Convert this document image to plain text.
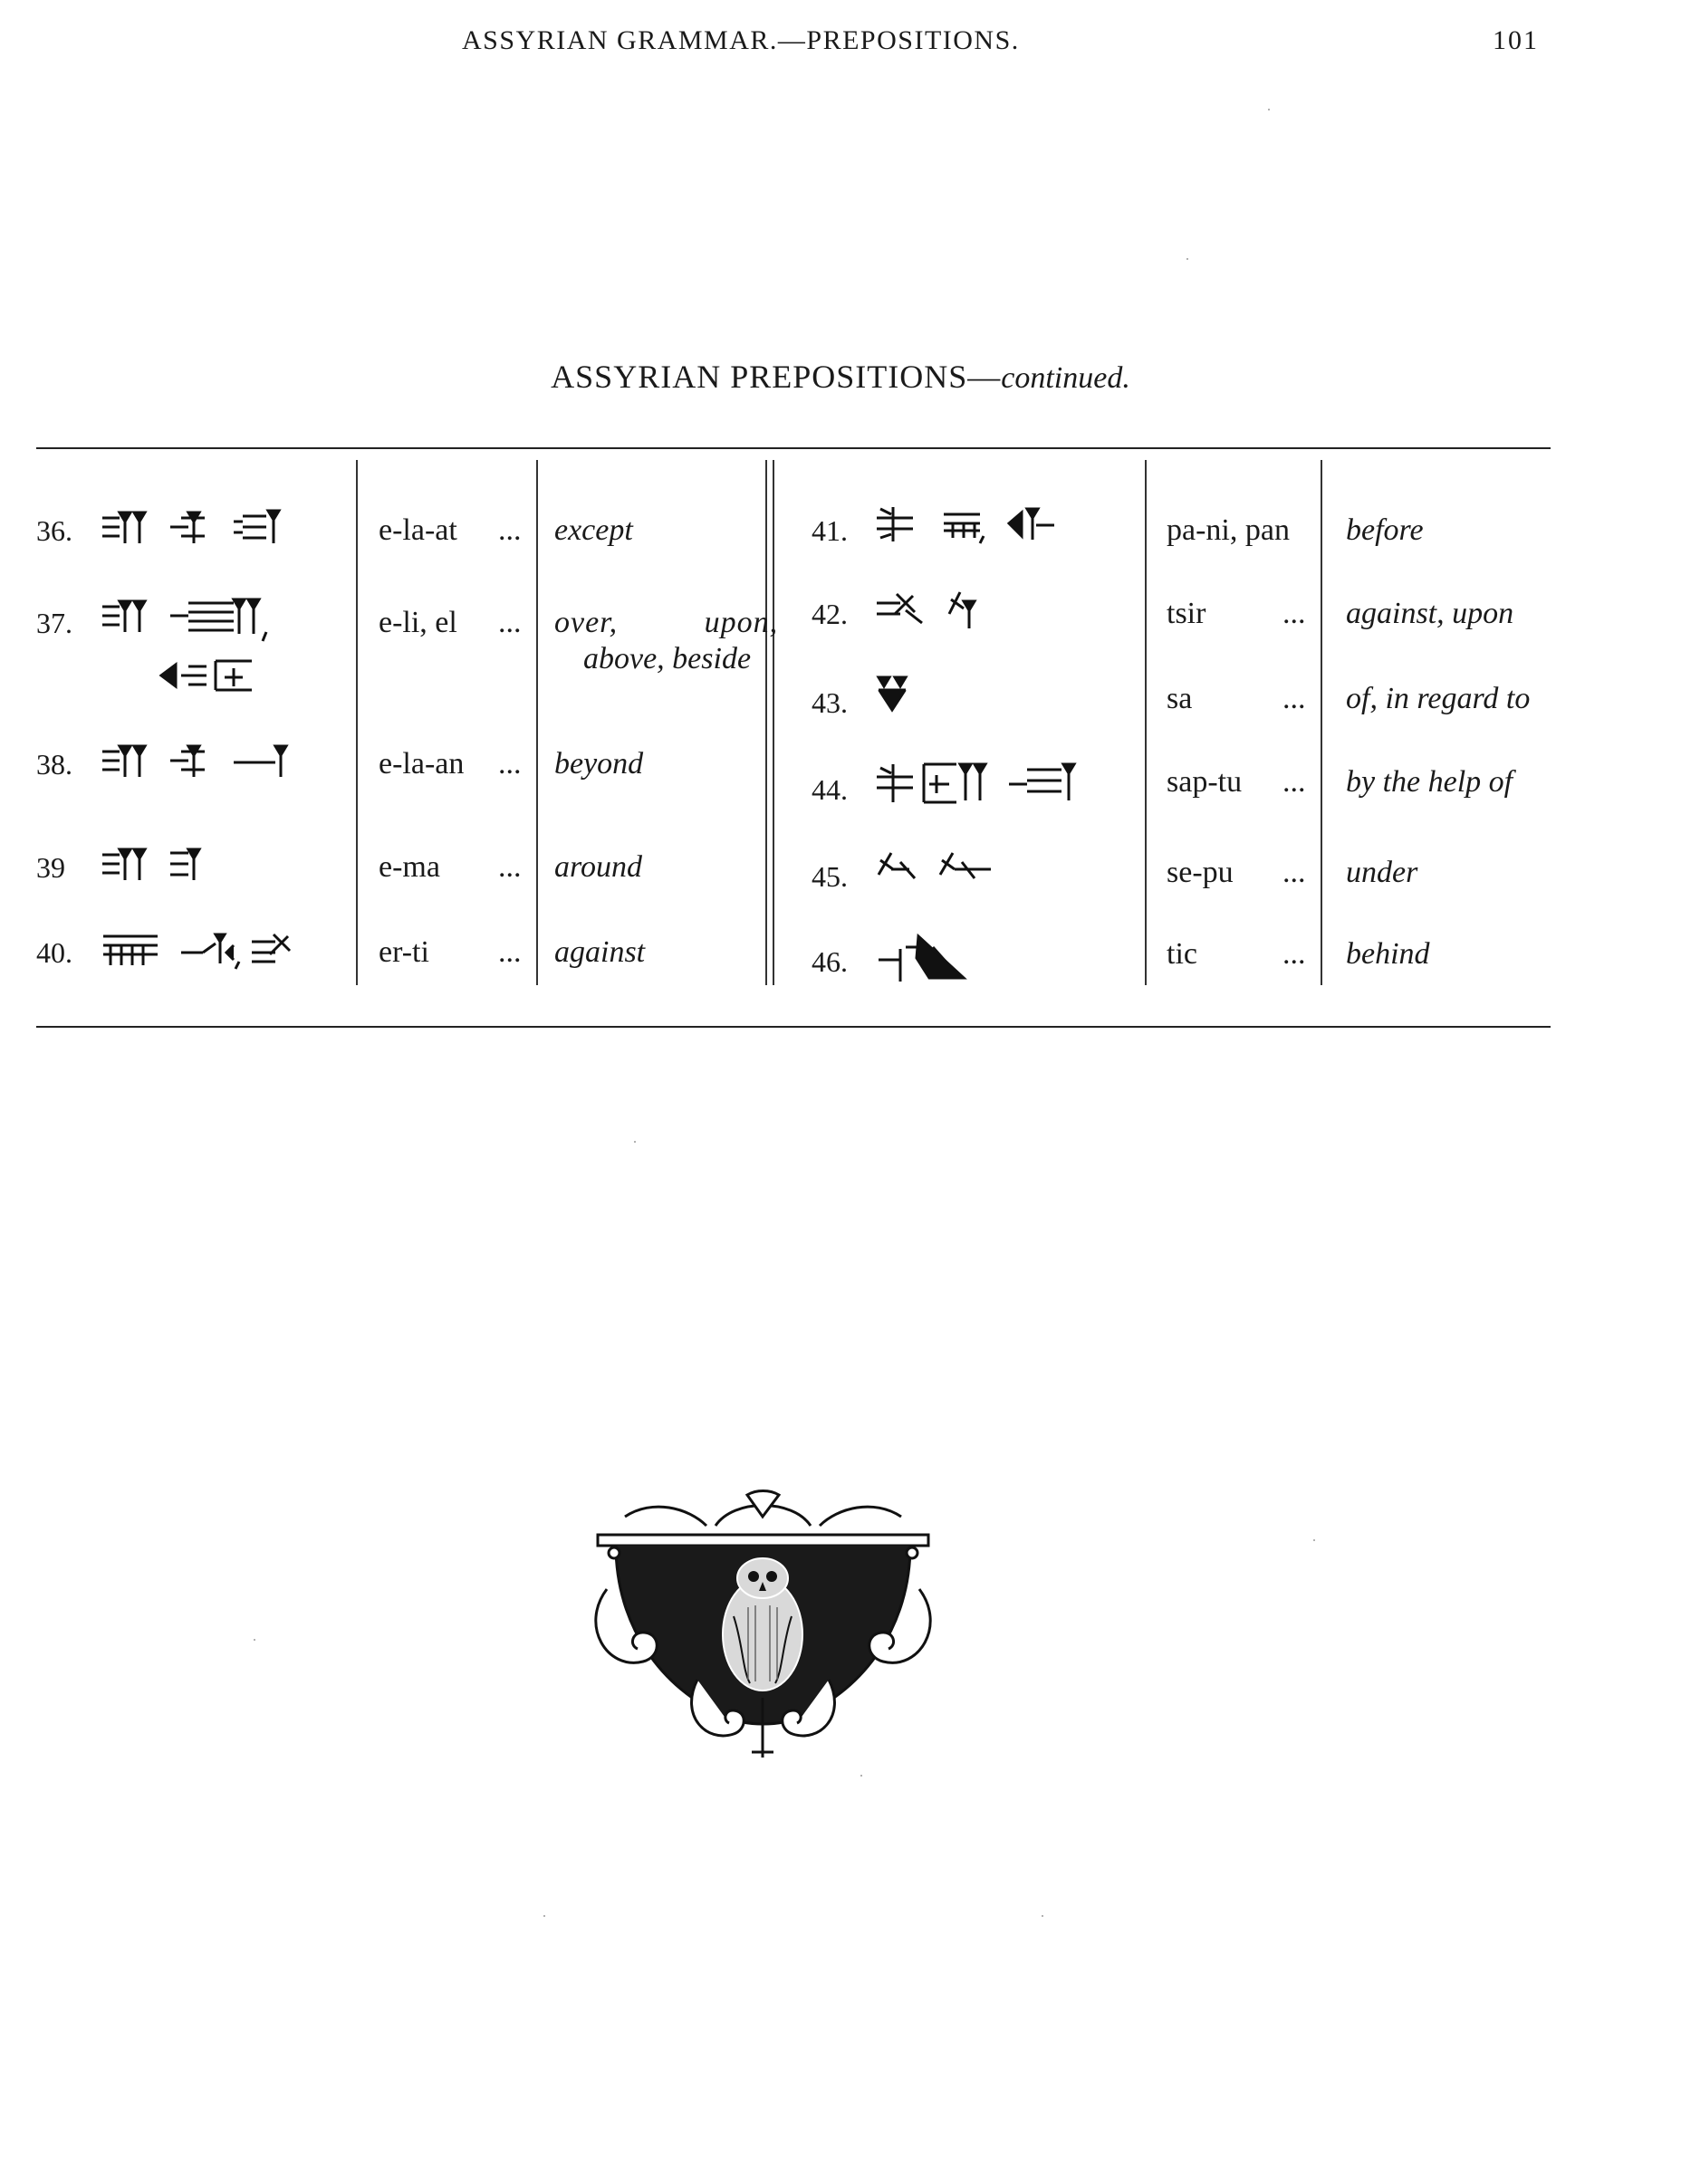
ASSYRIAN GRAMMAR.—PREPOSITIONS.	101
ASSYRIAN PREPOSITIONS—continued.
36.	e-la-at ... except
37.	e-li, el ... over, upon,
above, beside
38.	e-la-an ... beyond
39	e-ma ... around
40.	er-ti ... against
41.	pa-ni, pan before
42.	tsir ... against, upon
43.	sa	... of, in regard to
44.	sap-tu ... by the help of
45.	se-pu ... under
46.	tic	... behind
